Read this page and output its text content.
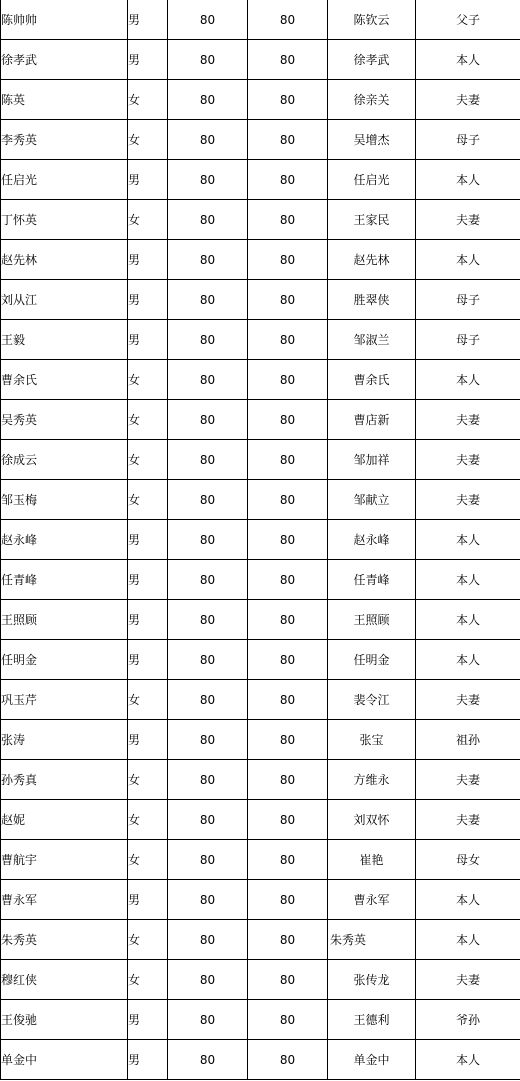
陈帅帅	男	80	80	陈钦云	父子
徐孝武	男	80	80	徐孝武	本人
陈英	女	80	80	徐亲关	夫妻
李秀英	女	80	80	吴增杰	母子
任启光	男	80	80	任启光	本人
丁怀英	女	80	80	王家民	夫妻
赵先林	男	80	80	赵先林	本人
刘从江	男	80	80	胜翠侠	母子
王毅	男	80	80	邹淑兰	母子
曹余氏	女	80	80	曹余氏	本人
吴秀英	女	80	80	曹店新	夫妻
徐成云	女	80	80	邹加祥	夫妻
邹玉梅	女	80	80	邹献立	夫妻
赵永峰	男	80	80	赵永峰	本人
任青峰	男	80	80	任青峰	本人
王照顾	男	80	80	王照顾	本人
任明金	男	80	80	任明金	本人
巩玉芹	女	80	80	裴令江	夫妻
张涛	男	80	80	张宝	祖孙
孙秀真	女	80	80	方维永	夫妻
赵妮	女	80	80	刘双怀	夫妻
曹航宇	女	80	80	崔艳	母女
曹永军	男	80	80	曹永军	本人
朱秀英	女	80	80	朱秀英	本人
穆红侠	女	80	80	张传龙	夫妻
王俊驰	男	80	80	王德利	爷孙
单金中	男	80	80	单金中	本人
